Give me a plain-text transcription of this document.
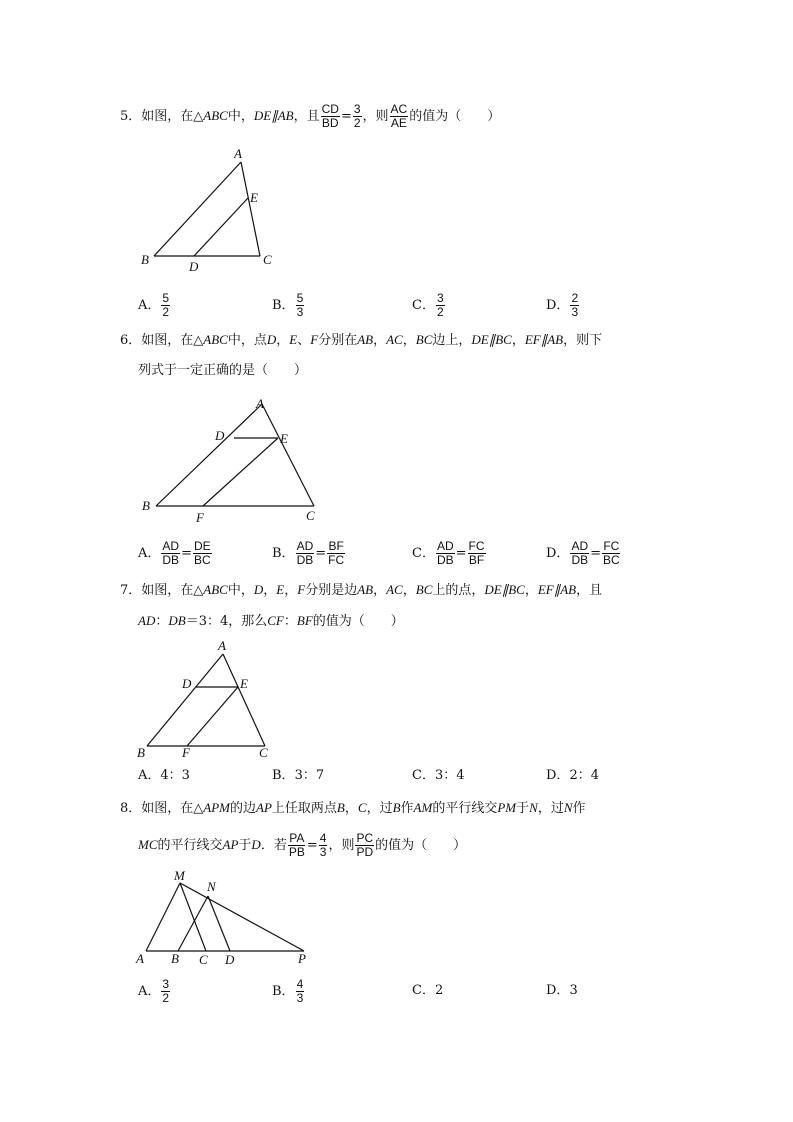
5．如图，在△ABC中，DE∥AB，且 $\frac{CD}{BD} = \frac{3}{2}$ ，则 $\frac{AC}{AE}$ 的值为（　　）
A
E
B	D	C
A． $\frac{5}{2}$	B． $\frac{5}{3}$	C． $\frac{3}{2}$	D． $\frac{2}{3}$
6．如图，在△ABC中，点D，E、F分别在AB，AC，BC边上，DE∥BC，EF∥AB，则下
列式于一定正确的是（　　）
A
D	E
B
F	C
A． $\frac{AD}{DB} = \frac{DE}{BC}$	B． $\frac{AD}{DB} = \frac{BF}{FC}$	C． $\frac{AD}{DB} = \frac{FC}{BF}$	D． $\frac{AD}{DB} = \frac{FC}{BC}$
7．如图，在△ABC中，D，E，F分别是边AB，AC，BC上的点，DE∥BC，EF∥AB，且
AD：DB＝3：4，那么CF：BF的值为（　　）
A
D	E
B	F	C
A．4：3	B．3：7	C．3：4	D．2：4
8．如图，在△APM的边AP上任取两点B，C，过B作AM的平行线交PM于N，过N作
MC的平行线交AP于D．若 $\frac{PA}{PB} = \frac{4}{3}$ ，则 $\frac{PC}{PD}$ 的值为（　　）
M
N
A B C D	P
A． $\frac{3}{2}$	B． $\frac{4}{3}$	C．2	D．3
